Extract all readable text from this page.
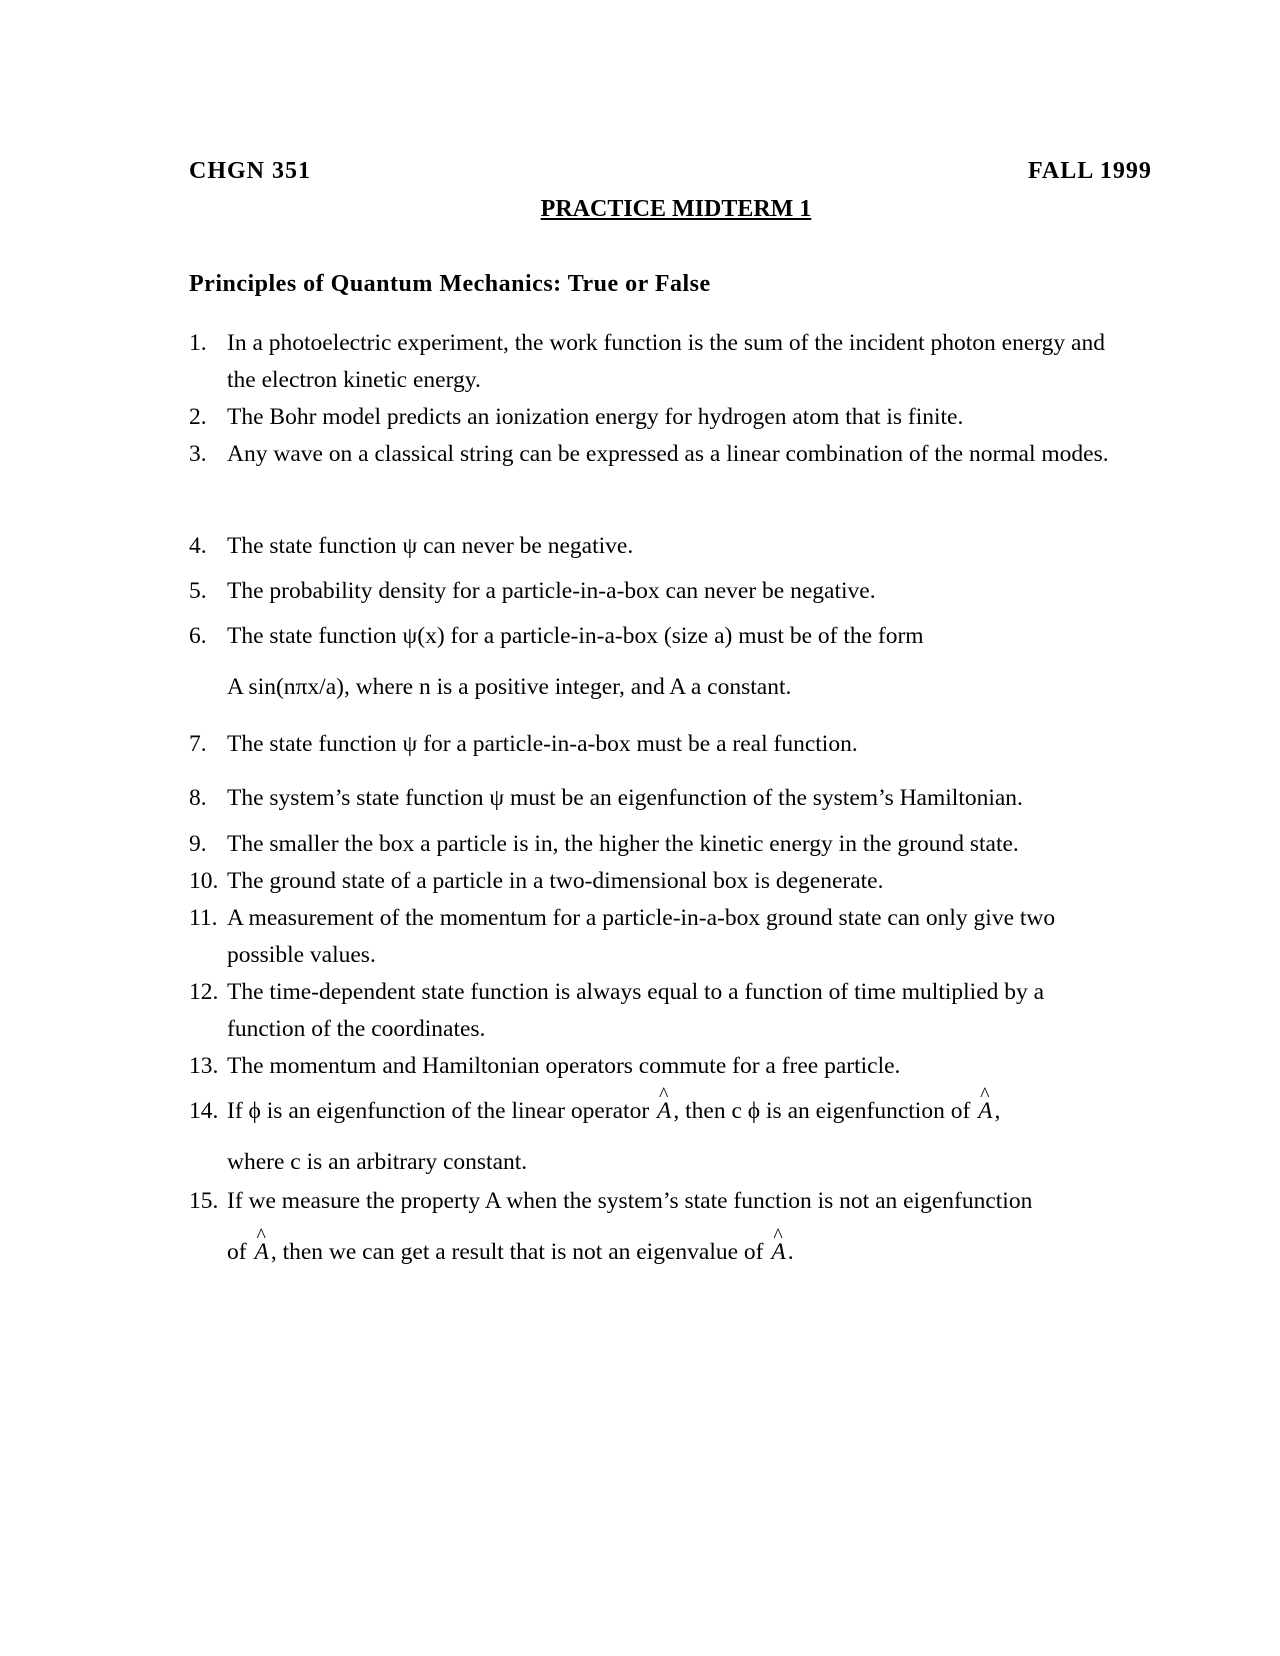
CHGN 351	FALL 1999
PRACTICE MIDTERM 1
Principles of Quantum Mechanics: True or False
1. In a photoelectric experiment, the work function is the sum of the incident photon energy and the electron kinetic energy.
2. The Bohr model predicts an ionization energy for hydrogen atom that is finite.
3. Any wave on a classical string can be expressed as a linear combination of the normal modes.
4. The state function ψ can never be negative.
5. The probability density for a particle-in-a-box can never be negative.
6. The state function ψ(x) for a particle-in-a-box (size a) must be of the form
A sin(nπx/a), where n is a positive integer, and A a constant.
7. The state function ψ for a particle-in-a-box must be a real function.
8. The system’s state function ψ must be an eigenfunction of the system’s Hamiltonian.
9. The smaller the box a particle is in, the higher the kinetic energy in the ground state.
10. The ground state of a particle in a two-dimensional box is degenerate.
11. A measurement of the momentum for a particle-in-a-box ground state can only give two possible values.
12. The time-dependent state function is always equal to a function of time multiplied by a function of the coordinates.
13. The momentum and Hamiltonian operators commute for a free particle.
14. If ϕ is an eigenfunction of the linear operator ^ A, then c ϕ is an eigenfunction of ^ A,
where c is an arbitrary constant.
15. If we measure the property A when the system’s state function is not an eigenfunction
of ^ A, then we can get a result that is not an eigenvalue of ^ A.
